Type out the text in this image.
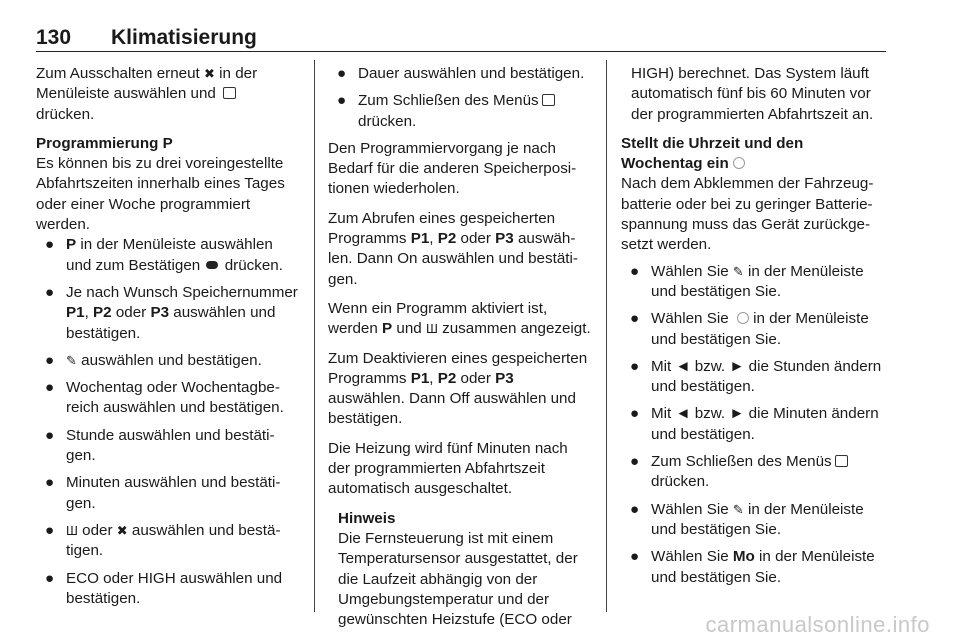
130 Klimatisierung

Zum Ausschalten erneut ✖ in der Menüleiste auswählen und
drücken.

Programmierung P
Es können bis zu drei voreingestellte Abfahrtszeiten innerhalb eines Tages oder einer Woche programmiert werden.

● P in der Menüleiste auswählen und zum Bestätigen  drücken.
● Je nach Wunsch Speichernummer P1, P2 oder P3 auswählen und bestätigen.
● ✎ auswählen und bestätigen.
● Wochentag oder Wochentagbereich auswählen und bestätigen.
● Stunde auswählen und bestätigen.
● Minuten auswählen und bestätigen.
● Ш oder ✖ auswählen und bestätigen.
● ECO oder HIGH auswählen und bestätigen.
● Dauer auswählen und bestätigen.
● Zum Schließen des Menüs
drücken.

Den Programmiervorgang je nach Bedarf für die anderen Speicherpositionen wiederholen.

Zum Abrufen eines gespeicherten Programms P1, P2 oder P3 auswählen. Dann On auswählen und bestätigen.

Wenn ein Programm aktiviert ist, werden P und Ш zusammen angezeigt.

Zum Deaktivieren eines gespeicherten Programms P1, P2 oder P3 auswählen. Dann Off auswählen und bestätigen.

Die Heizung wird fünf Minuten nach der programmierten Abfahrtszeit automatisch ausgeschaltet.

Hinweis
Die Fernsteuerung ist mit einem Temperatursensor ausgestattet, der die Laufzeit abhängig von der Umgebungstemperatur und der gewünschten Heizstufe (ECO oder

HIGH) berechnet. Das System läuft automatisch fünf bis 60 Minuten vor der programmierten Abfahrtszeit an.

Stellt die Uhrzeit und den Wochentag ein
Nach dem Abklemmen der Fahrzeugbatterie oder bei zu geringer Batteriespannung muss das Gerät zurückgesetzt werden.

● Wählen Sie ✎ in der Menüleiste und bestätigen Sie.
● Wählen Sie  in der Menüleiste und bestätigen Sie.
● Mit ◄ bzw. ► die Stunden ändern und bestätigen.
● Mit ◄ bzw. ► die Minuten ändern und bestätigen.
● Zum Schließen des Menüs
drücken.
● Wählen Sie ✎ in der Menüleiste und bestätigen Sie.
● Wählen Sie Mo in der Menüleiste und bestätigen Sie.
carmanualsonline.info
